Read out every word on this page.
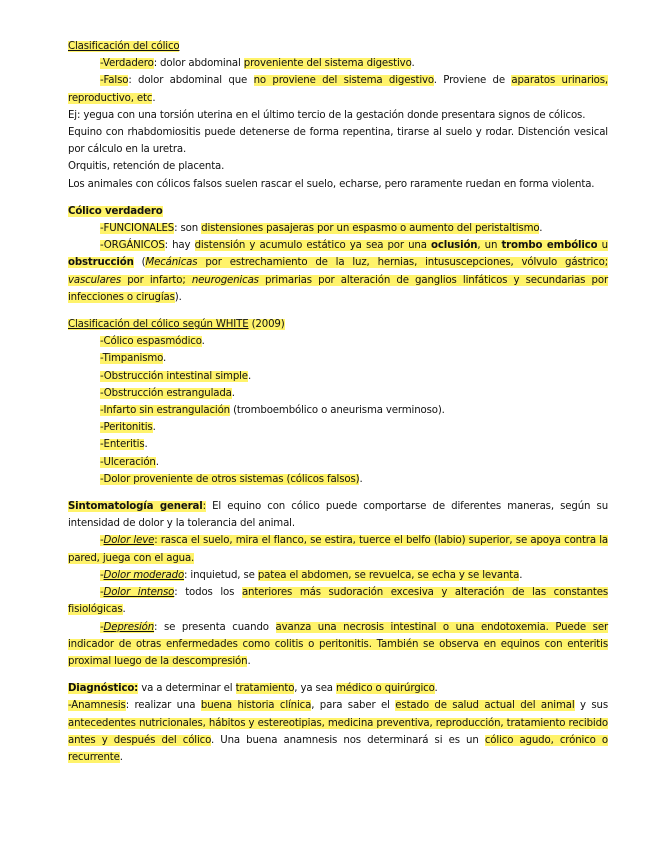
Clasificación del cólico

-Verdadero: dolor abdominal proveniente del sistema digestivo.

-Falso: dolor abdominal que no proviene del sistema digestivo. Proviene de aparatos urinarios, reproductivo, etc.

Ej: yegua con una torsión uterina en el último tercio de la gestación donde presentara signos de cólicos.

Equino con rhabdomiositis puede detenerse de forma repentina, tirarse al suelo y rodar. Distención vesical por cálculo en la uretra.

Orquitis, retención de placenta.

Los animales con cólicos falsos suelen rascar el suelo, echarse, pero raramente ruedan en forma violenta.

Cólico verdadero

-FUNCIONALES: son distensiones pasajeras por un espasmo o aumento del peristaltismo.

-ORGÁNICOS: hay distensión y acumulo estático ya sea por una oclusión, un trombo embólico u obstrucción (Mecánicas por estrechamiento de la luz, hernias, intususcepciones, vólvulo gástrico; vasculares por infarto; neurogenicas primarias por alteración de ganglios linfáticos y secundarias por infecciones o cirugías).

Clasificación del cólico según WHITE (2009)

-Cólico espasmódico.

-Timpanismo.

-Obstrucción intestinal simple.

-Obstrucción estrangulada.

-Infarto sin estrangulación (tromboembólico o aneurisma verminoso).

-Peritonitis.

-Enteritis.

-Ulceración.

-Dolor proveniente de otros sistemas (cólicos falsos).

Sintomatología general: El equino con cólico puede comportarse de diferentes maneras, según su intensidad de dolor y la tolerancia del animal.

-Dolor leve: rasca el suelo, mira el flanco, se estira, tuerce el belfo (labio) superior, se apoya contra la pared, juega con el agua.

-Dolor moderado: inquietud, se patea el abdomen, se revuelca, se echa y se levanta.

-Dolor intenso: todos los anteriores más sudoración excesiva y alteración de las constantes fisiológicas.

-Depresión: se presenta cuando avanza una necrosis intestinal o una endotoxemia. Puede ser indicador de otras enfermedades como colitis o peritonitis. También se observa en equinos con enteritis proximal luego de la descompresión.

Diagnóstico: va a determinar el tratamiento, ya sea médico o quirúrgico.

-Anamnesis: realizar una buena historia clínica, para saber el estado de salud actual del animal y sus antecedentes nutricionales, hábitos y estereotipias, medicina preventiva, reproducción, tratamiento recibido antes y después del cólico. Una buena anamnesis nos determinará si es un cólico agudo, crónico o recurrente.
